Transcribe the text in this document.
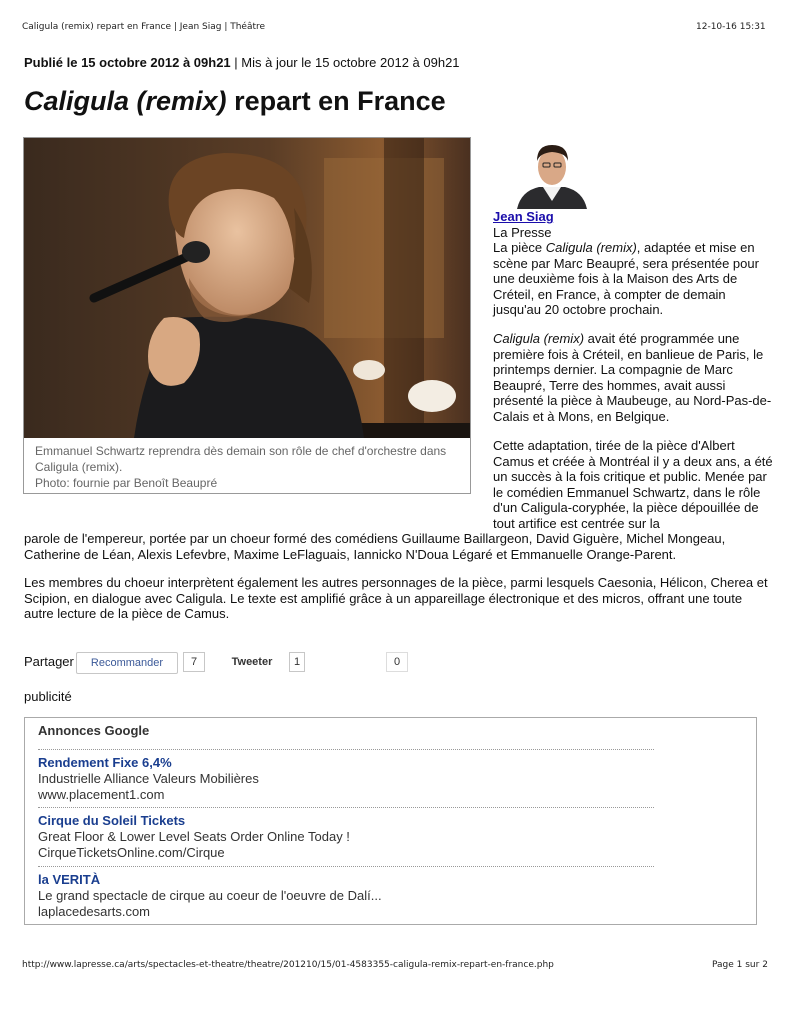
Caligula (remix) repart en France | Jean Siag | Théâtre	12-10-16 15:31
Publié le 15 octobre 2012 à 09h21 | Mis à jour le 15 octobre 2012 à 09h21
Caligula (remix) repart en France
Emmanuel Schwartz reprendra dès demain son rôle de chef d'orchestre dans Caligula (remix).
Photo: fournie par Benoît Beaupré
Jean Siag
La Presse
La pièce Caligula (remix), adaptée et mise en scène par Marc Beaupré, sera présentée pour une deuxième fois à la Maison des Arts de Créteil, en France, à compter de demain jusqu'au 20 octobre prochain.
Caligula (remix) avait été programmée une première fois à Créteil, en banlieue de Paris, le printemps dernier. La compagnie de Marc Beaupré, Terre des hommes, avait aussi présenté la pièce à Maubeuge, au Nord-Pas-de-Calais et à Mons, en Belgique.
Cette adaptation, tirée de la pièce d'Albert Camus et créée à Montréal il y a deux ans, a été un succès à la fois critique et public. Menée par le comédien Emmanuel Schwartz, dans le rôle d'un Caligula-coryphée, la pièce dépouillée de tout artifice est centrée sur la
parole de l'empereur, portée par un choeur formé des comédiens Guillaume Baillargeon, David Giguère, Michel Mongeau, Catherine de Léan, Alexis Lefevbre, Maxime LeFlaguais, Iannicko N'Doua Légaré et Emmanuelle Orange-Parent.
Les membres du choeur interprètent également les autres personnages de la pièce, parmi lesquels Caesonia, Hélicon, Cherea et Scipion, en dialogue avec Caligula. Le texte est amplifié grâce à un appareillage électronique et des micros, offrant une toute autre lecture de la pièce de Camus.
Partager	Recommander	7	Tweeter	1	0
publicité
Annonces Google
Rendement Fixe 6,4%
Industrielle Alliance Valeurs Mobilières
www.placement1.com
Cirque du Soleil Tickets
Great Floor & Lower Level Seats Order Online Today !
CirqueTicketsOnline.com/Cirque
la VERITÀ
Le grand spectacle de cirque au coeur de l'oeuvre de Dalí...
laplacedesarts.com
http://www.lapresse.ca/arts/spectacles-et-theatre/theatre/201210/15/01-4583355-caligula-remix-repart-en-france.php	Page 1 sur 2
